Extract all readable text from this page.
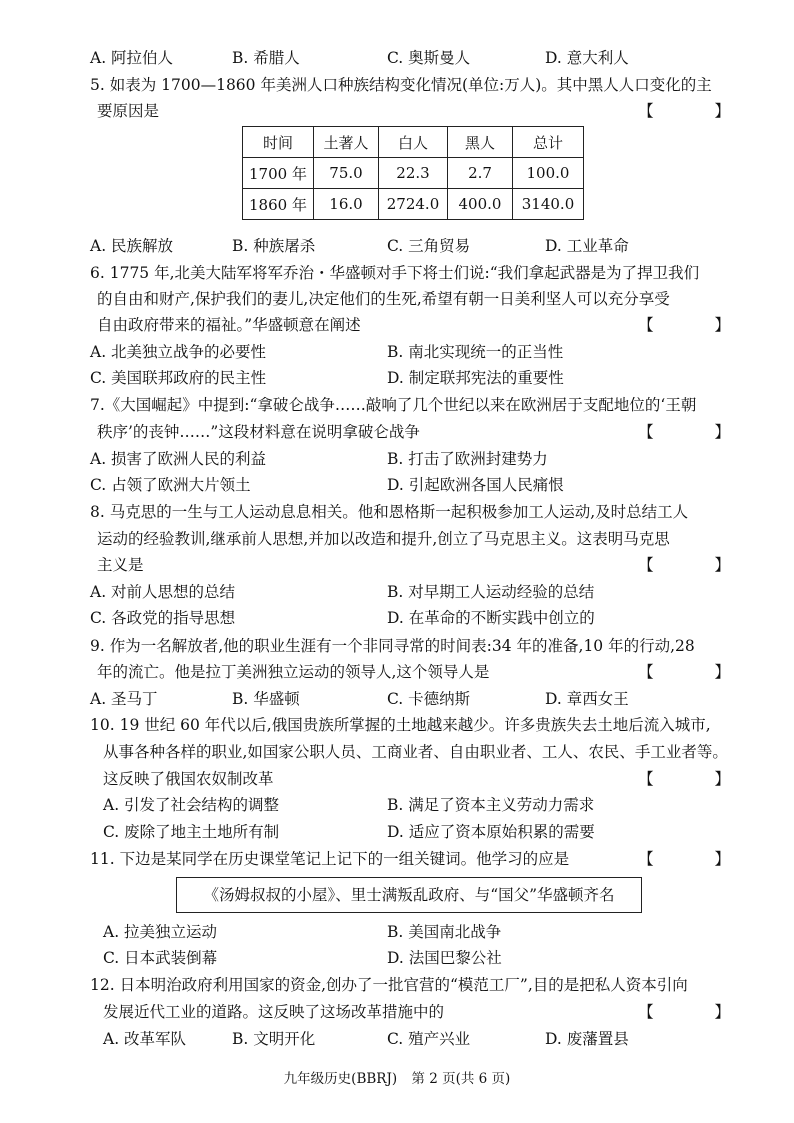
A. 阿拉伯人	B. 希腊人	C. 奥斯曼人	D. 意大利人
5. 如表为 1700—1860 年美洲人口种族结构变化情况(单位:万人)。其中黑人人口变化的主
要原因是	【 】
时间	土著人	白人	黑人	总计
1700 年	75.0	22.3	2.7	100.0
1860 年	16.0	2724.0	400.0	3140.0
A. 民族解放	B. 种族屠杀	C. 三角贸易	D. 工业革命
6. 1775 年,北美大陆军将军乔治・华盛顿对手下将士们说:“我们拿起武器是为了捍卫我们
的自由和财产,保护我们的妻儿,决定他们的生死,希望有朝一日美利坚人可以充分享受
自由政府带来的福祉。”华盛顿意在阐述	【 】
A. 北美独立战争的必要性	B. 南北实现统一的正当性
C. 美国联邦政府的民主性	D. 制定联邦宪法的重要性
7.《大国崛起》中提到:“拿破仑战争……敲响了几个世纪以来在欧洲居于支配地位的‘王朝
秩序’的丧钟……”这段材料意在说明拿破仑战争	【 】
A. 损害了欧洲人民的利益	B. 打击了欧洲封建势力
C. 占领了欧洲大片领土	D. 引起欧洲各国人民痛恨
8. 马克思的一生与工人运动息息相关。他和恩格斯一起积极参加工人运动,及时总结工人
运动的经验教训,继承前人思想,并加以改造和提升,创立了马克思主义。这表明马克思
主义是	【 】
A. 对前人思想的总结	B. 对早期工人运动经验的总结
C. 各政党的指导思想	D. 在革命的不断实践中创立的
9. 作为一名解放者,他的职业生涯有一个非同寻常的时间表:34 年的准备,10 年的行动,28
年的流亡。他是拉丁美洲独立运动的领导人,这个领导人是	【 】
A. 圣马丁	B. 华盛顿	C. 卡德纳斯	D. 章西女王
10. 19 世纪 60 年代以后,俄国贵族所掌握的土地越来越少。许多贵族失去土地后流入城市,
从事各种各样的职业,如国家公职人员、工商业者、自由职业者、工人、农民、手工业者等。
这反映了俄国农奴制改革	【 】
A. 引发了社会结构的调整	B. 满足了资本主义劳动力需求
C. 废除了地主土地所有制	D. 适应了资本原始积累的需要
11. 下边是某同学在历史课堂笔记上记下的一组关键词。他学习的应是	【 】
《汤姆叔叔的小屋》、里士满叛乱政府、与“国父”华盛顿齐名
A. 拉美独立运动	B. 美国南北战争
C. 日本武装倒幕	D. 法国巴黎公社
12. 日本明治政府利用国家的资金,创办了一批官营的“模范工厂”,目的是把私人资本引向
发展近代工业的道路。这反映了这场改革措施中的	【 】
A. 改革军队	B. 文明开化	C. 殖产兴业	D. 废藩置县
九年级历史(BBRJ) 第 2 页(共 6 页)
